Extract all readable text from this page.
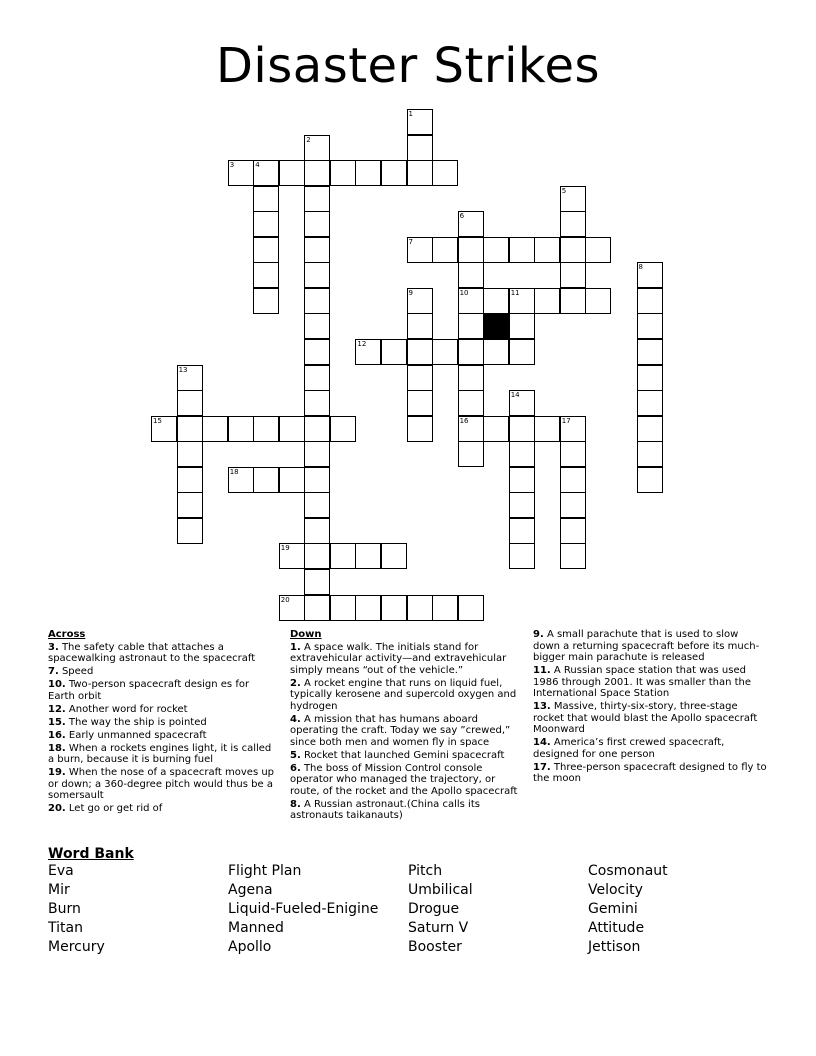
Disaster Strikes
1
2
3	4
5
6
7
8
9	10	11
12
13
14
15	16	17
18
19
20
Across
3. The safety cable that attaches a spacewalking astronaut to the spacecraft
7. Speed
10. Two-person spacecraft design es for Earth orbit
12. Another word for rocket
15. The way the ship is pointed
16. Early unmanned spacecraft
18. When a rockets engines light, it is called a burn, because it is burning fuel
19. When the nose of a spacecraft moves up or down; a 360-degree pitch would thus be a somersault
20. Let go or get rid of
Down
1. A space walk. The initials stand for extravehicular activity—and extravehicular simply means “out of the vehicle.”
2. A rocket engine that runs on liquid fuel, typically kerosene and supercold oxygen and hydrogen
4. A mission that has humans aboard operating the craft. Today we say ”crewed,” since both men and women fly in space
5. Rocket that launched Gemini spacecraft
6. The boss of Mission Control console operator who managed the trajectory, or route, of the rocket and the Apollo spacecraft
8. A Russian astronaut.(China calls its astronauts taikanauts)
9. A small parachute that is used to slow down a returning spacecraft before its much-bigger main parachute is released
11. A Russian space station that was used 1986 through 2001. It was smaller than the International Space Station
13. Massive, thirty-six-story, three-stage rocket that would blast the Apollo spacecraft Moonward
14. America’s first crewed spacecraft, designed for one person
17. Three-person spacecraft designed to fly to the moon
Word Bank
Eva
Mir
Burn
Titan
Mercury
Flight Plan
Agena
Liquid-Fueled-Enigine
Manned
Apollo
Pitch
Umbilical
Drogue
Saturn V
Booster
Cosmonaut
Velocity
Gemini
Attitude
Jettison
